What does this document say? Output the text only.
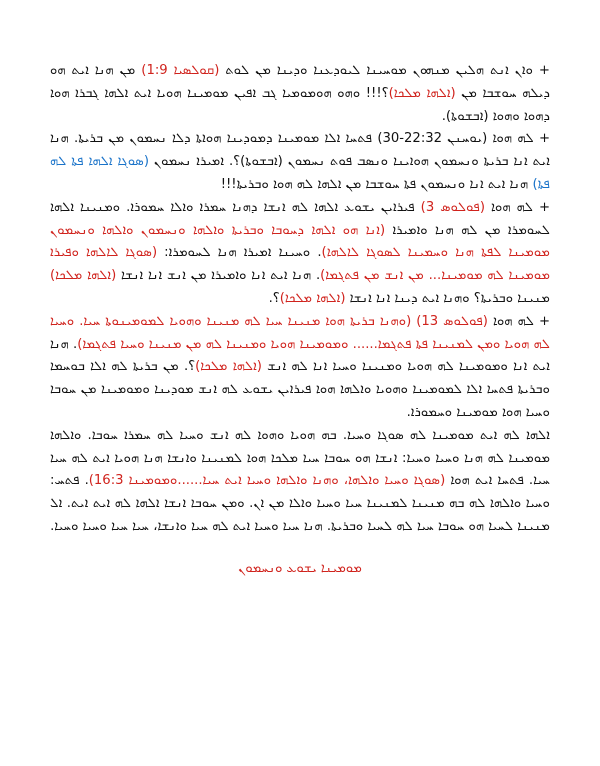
+ ܘܐܢ ܐܢܬ ܗܠܝܢ ܡܢܗܘܢ ܡܘܚܝܢܐ ܠܝܘܕܥܢܐ ܘܕܝܢܐ ܡܢ ܠܘܬ (ܩܘܠܣܝܐ 1:9) ܡܢ ܗܢܐ ܐܝܬ ܗܘ ܕܝܠܗ ܚܘܫܒܐ ܡܢ (ܐܠܗܐ ܡܠܟܐ)؟!!! ܘܗܘ ܗܘܡܘܡܝܐ ܓܒ ܐܦܝܢ ܡܘܡܝܢܐ ܗܘܝܐ ܐܝܬ ܐܠܗܐ ܓܒܪܐ ܗܘܐ ܕܗܘܐ ܘܗܘܐ (ܐܒܫܘܬܐ).

+ ܠܗ ܗܘܐ (ܝܘܚܢܢ 22:32-30) ܦܬܚܐ ܐܠܐ ܡܘܡܝܢܐ ܕܡܘܕܝܢܐ ܗܘܐܬܐ ܕܠܐ ܢܚܡܘܢ ܡܢ ܒܪܝܬܐ. ܗܢܐ ܐܝܬ ܐܢܐ ܒܪܝܬܐ ܘܢܚܡܘܢ ܗܘܐܝܢܐ ܘܢܣܒ ܦܘܬ ܢܚܡܘܢ (ܐܒܫܘܬܐ)؟. ܐܡܝܪܐ ܢܚܡܘܢ (ܣܘܓܐ ܐܠܗܐ ܦܬܐ ܠܗ ܦܬܐ) ܗܢܐ ܐܝܬ ܐܢܐ ܘܢܚܡܘܢ ܦܬܐ ܚܘܫܒܐ ܡܢ ܐܠܗܐ ܠܗ ܗܘܐ ܘܒܪܝܬܐ!!!

+ ܠܗ ܗܘܐ (ܦܘܠܘܣ 3) ܦܝܪܐܝܢ ܝܫܘܥ ܐܠܗܐ ܠܗ ܐܢܫܐ ܕܗܢܐ ܚܡܪܐ ܘܐܠܐ ܚܡܘܪܐ. ܘܡܢܝܢܐ ܐܠܗܐ ܠܚܘܡܪܐ ܡܢ ܠܗ ܗܢܐ ܘܐܡܝܪܐ (ܐܢܐ ܗܘ ܐܠܗܐ ܕܚܘܒܐ ܘܒܪܝܬܐ ܘܐܠܗܐ ܘܢܚܡܘܢ ܘܐܠܗܐ ܘܢܚܡܘܢ ܡܘܡܝܢܐ ܠܦܬܐ ܗܢܐ ܘܚܡܝܢܐ ܠܣܘܓܐ ܠܐܠܗܐ). ܘܚܝܢܐ ܐܡܝܪܐ ܗܢܐ ܠܚܘܡܪܐ: (ܣܘܓܐ ܠܐܠܗܐ ܘܦܝܪܐ ܡܘܡܝܢܐ ܠܗ ܡܘܡܝܢܐ... ܡܢ ܐܢܫ ܡܢ ܦܬܓܡܐ). ܗܢܐ ܐܝܬ ܐܢܐ ܘܐܡܝܪܐ ܡܢ ܐܢܫ ܐܢܐ ܐܢܫܐ (ܐܠܗܐ ܡܠܟܐ) ܡܢܝܢܐ ܘܒܪܝܬܐ؟ ܘܗܢܐ ܐܝܬ ܕܝܢܐ ܐܢܐ ܐܢܫܐ (ܐܠܗܐ ܡܠܟܐ)؟.

+ ܠܗ ܗܘܐ (ܦܘܠܘܣ 13) (ܘܗܢܐ ܒܪܝܬܐ ܗܘܐ ܡܢܝܢܐ ܚܝܐ ܠܗ ܡܢܝܢܐ ܘܗܘܝܐ ܠܡܘܡܝܢܘܬܐ ܚܝܐ. ܘܚܝܐ ܠܗ ܗܘܝܐ ܘܡܢ ܠܡܢܝܢܐ ܦܬܐ ܦܬܓܡܐ...... ܘܡܘܡܝܢܐ ܗܘܝܐ ܘܡܢܝܢܐ ܠܗ ܡܢ ܡܢܝܢܐ ܘܚܝܐ ܦܬܓܡܐ). ܗܢܐ ܐܝܬ ܐܢܐ ܘܡܘܡܝܢܐ ܠܗ ܗܘܝܐ ܘܡܢܝܢܐ ܘܚܝܐ ܐܢܐ ܠܗ ܐܢܫ (ܐܠܗܐ ܡܠܟܐ)؟. ܡܢ ܒܪܝܬܐ ܠܗ ܐܠܐ ܒܘܚܡܐ ܘܒܪܝܬܐ ܦܬܚܐ ܐܠܐ ܠܡܘܡܝܢܐ ܘܗܘܝܐ ܘܐܠܗܐ ܗܘܐ ܦܝܪܐܝܢ ܝܫܘܥ ܠܗ ܐܢܫ ܡܘܕܝܢܐ ܘܡܘܡܝܢܐ ܡܢ ܚܘܒܐ ܘܚܝܐ ܗܘܐ ܡܘܡܝܢܐ ܘܚܡܘܪܐ.

ܐܠܗܐ ܠܗ ܐܝܬ ܡܘܡܝܢܐ ܠܗ ܣܘܓܐ ܘܚܝܐ. ܒܗ ܗܘܝܐ ܘܗܘܐ ܠܗ ܐܢܫ ܘܚܝܐ ܠܗ ܚܡܪܐ ܚܘܒܐ. ܘܐܠܗܐ ܡܘܡܝܢܐ ܠܗ ܗܢܐ ܘܚܝܐ ܘܚܝܐ: ܐܢܫܐ ܗܘ ܚܘܒܐ ܚܝܐ ܡܠܟܐ ܗܘܐ ܠܡܢܝܢܐ ܘܐܢܫܐ ܗܢܐ ܗܘܝܐ ܐܝܬ ܠܗ ܚܝܐ ܚܝܐ. ܦܬܚܐ ܐܝܬ ܗܘܐ (ܣܘܓܐ ܘܚܝܐ ܘܐܠܗܐ، ܘܗܢܐ ܘܐܠܗܐ ܘܚܝܐ ܐܝܬ ܚܝܐ......ܘܡܘܡܝܢܐ 16:3). ܦܬܚ: ܘܚܝܐ ܘܐܠܗܐ ܠܗ ܒܗ ܡܢܝܢܐ ܠܡܢܝܢܐ ܚܝܐ ܘܚܝܐ ܘܐܠܐ ܡܢ ܐܢ. ܘܡܢ ܚܘܒܐ ܐܢܫܐ ܐܠܗܐ ܠܗ ܐܝܬ ܐܝܬ. ܐܠ ܡܢܝܢܐ ܠܚܝܐ ܗܘ ܚܘܒܐ ܚܝܐ ܠܗ ܠܚܝܐ ܘܒܪܝܬܐ. ܗܢܐ ܚܝܐ ܘܚܝܐ ܐܝܬ ܠܗ ܚܝܐ ܘܐܢܫܐ، ܚܝܐ ܚܝܐ ܘܚܝܐ ܘܚܝܐ.

ܡܘܡܝܢܐ ܝܫܘܥ ܘܢܚܡܘܢ
